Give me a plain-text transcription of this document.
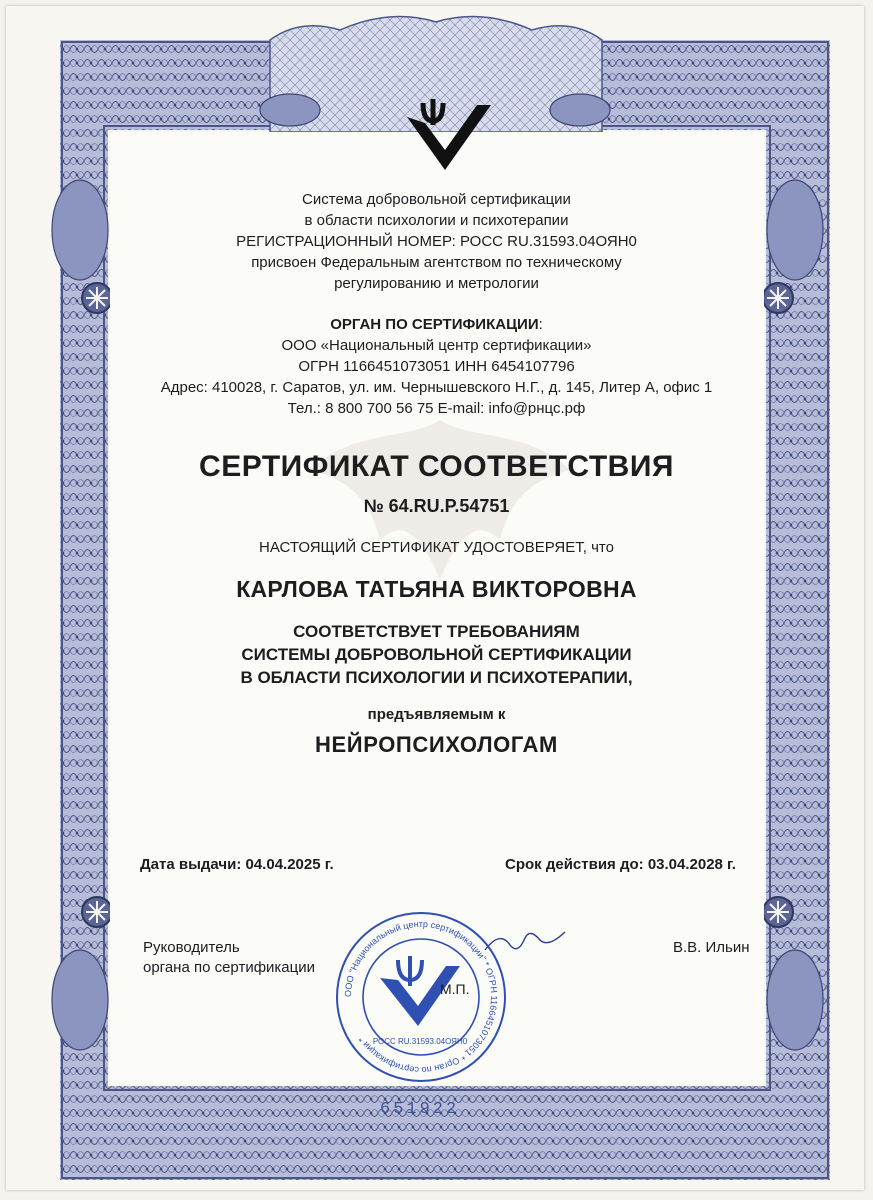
Система добровольной сертификации
в области психологии и психотерапии
РЕГИСТРАЦИОННЫЙ НОМЕР: РОСС RU.31593.04ОЯН0
присвоен Федеральным агентством по техническому
регулированию и метрологии
ОРГАН ПО СЕРТИФИКАЦИИ:
ООО «Национальный центр сертификации»
ОГРН 1166451073051 ИНН 6454107796
Адрес: 410028, г. Саратов, ул. им. Чернышевского Н.Г., д. 145, Литер А, офис 1
Тел.: 8 800 700 56 75 E-mail: info@рнцс.рф
СЕРТИФИКАТ СООТВЕТСТВИЯ
№ 64.RU.P.54751
НАСТОЯЩИЙ СЕРТИФИКАТ УДОСТОВЕРЯЕТ, что
КАРЛОВА ТАТЬЯНА ВИКТОРОВНА
СООТВЕТСТВУЕТ ТРЕБОВАНИЯМ
СИСТЕМЫ ДОБРОВОЛЬНОЙ СЕРТИФИКАЦИИ
В ОБЛАСТИ ПСИХОЛОГИИ И ПСИХОТЕРАПИИ,
предъявляемым к
НЕЙРОПСИХОЛОГАМ
Дата выдачи: 04.04.2025 г.	Срок действия до: 03.04.2028 г.
Руководитель
органа по сертификации
В.В. Ильин
ООО "Национальный центр сертификации" * ОГРН 1166451073051 * Орган по сертификации * РОСС RU.31593.04ОЯН0
М.П.
651922
